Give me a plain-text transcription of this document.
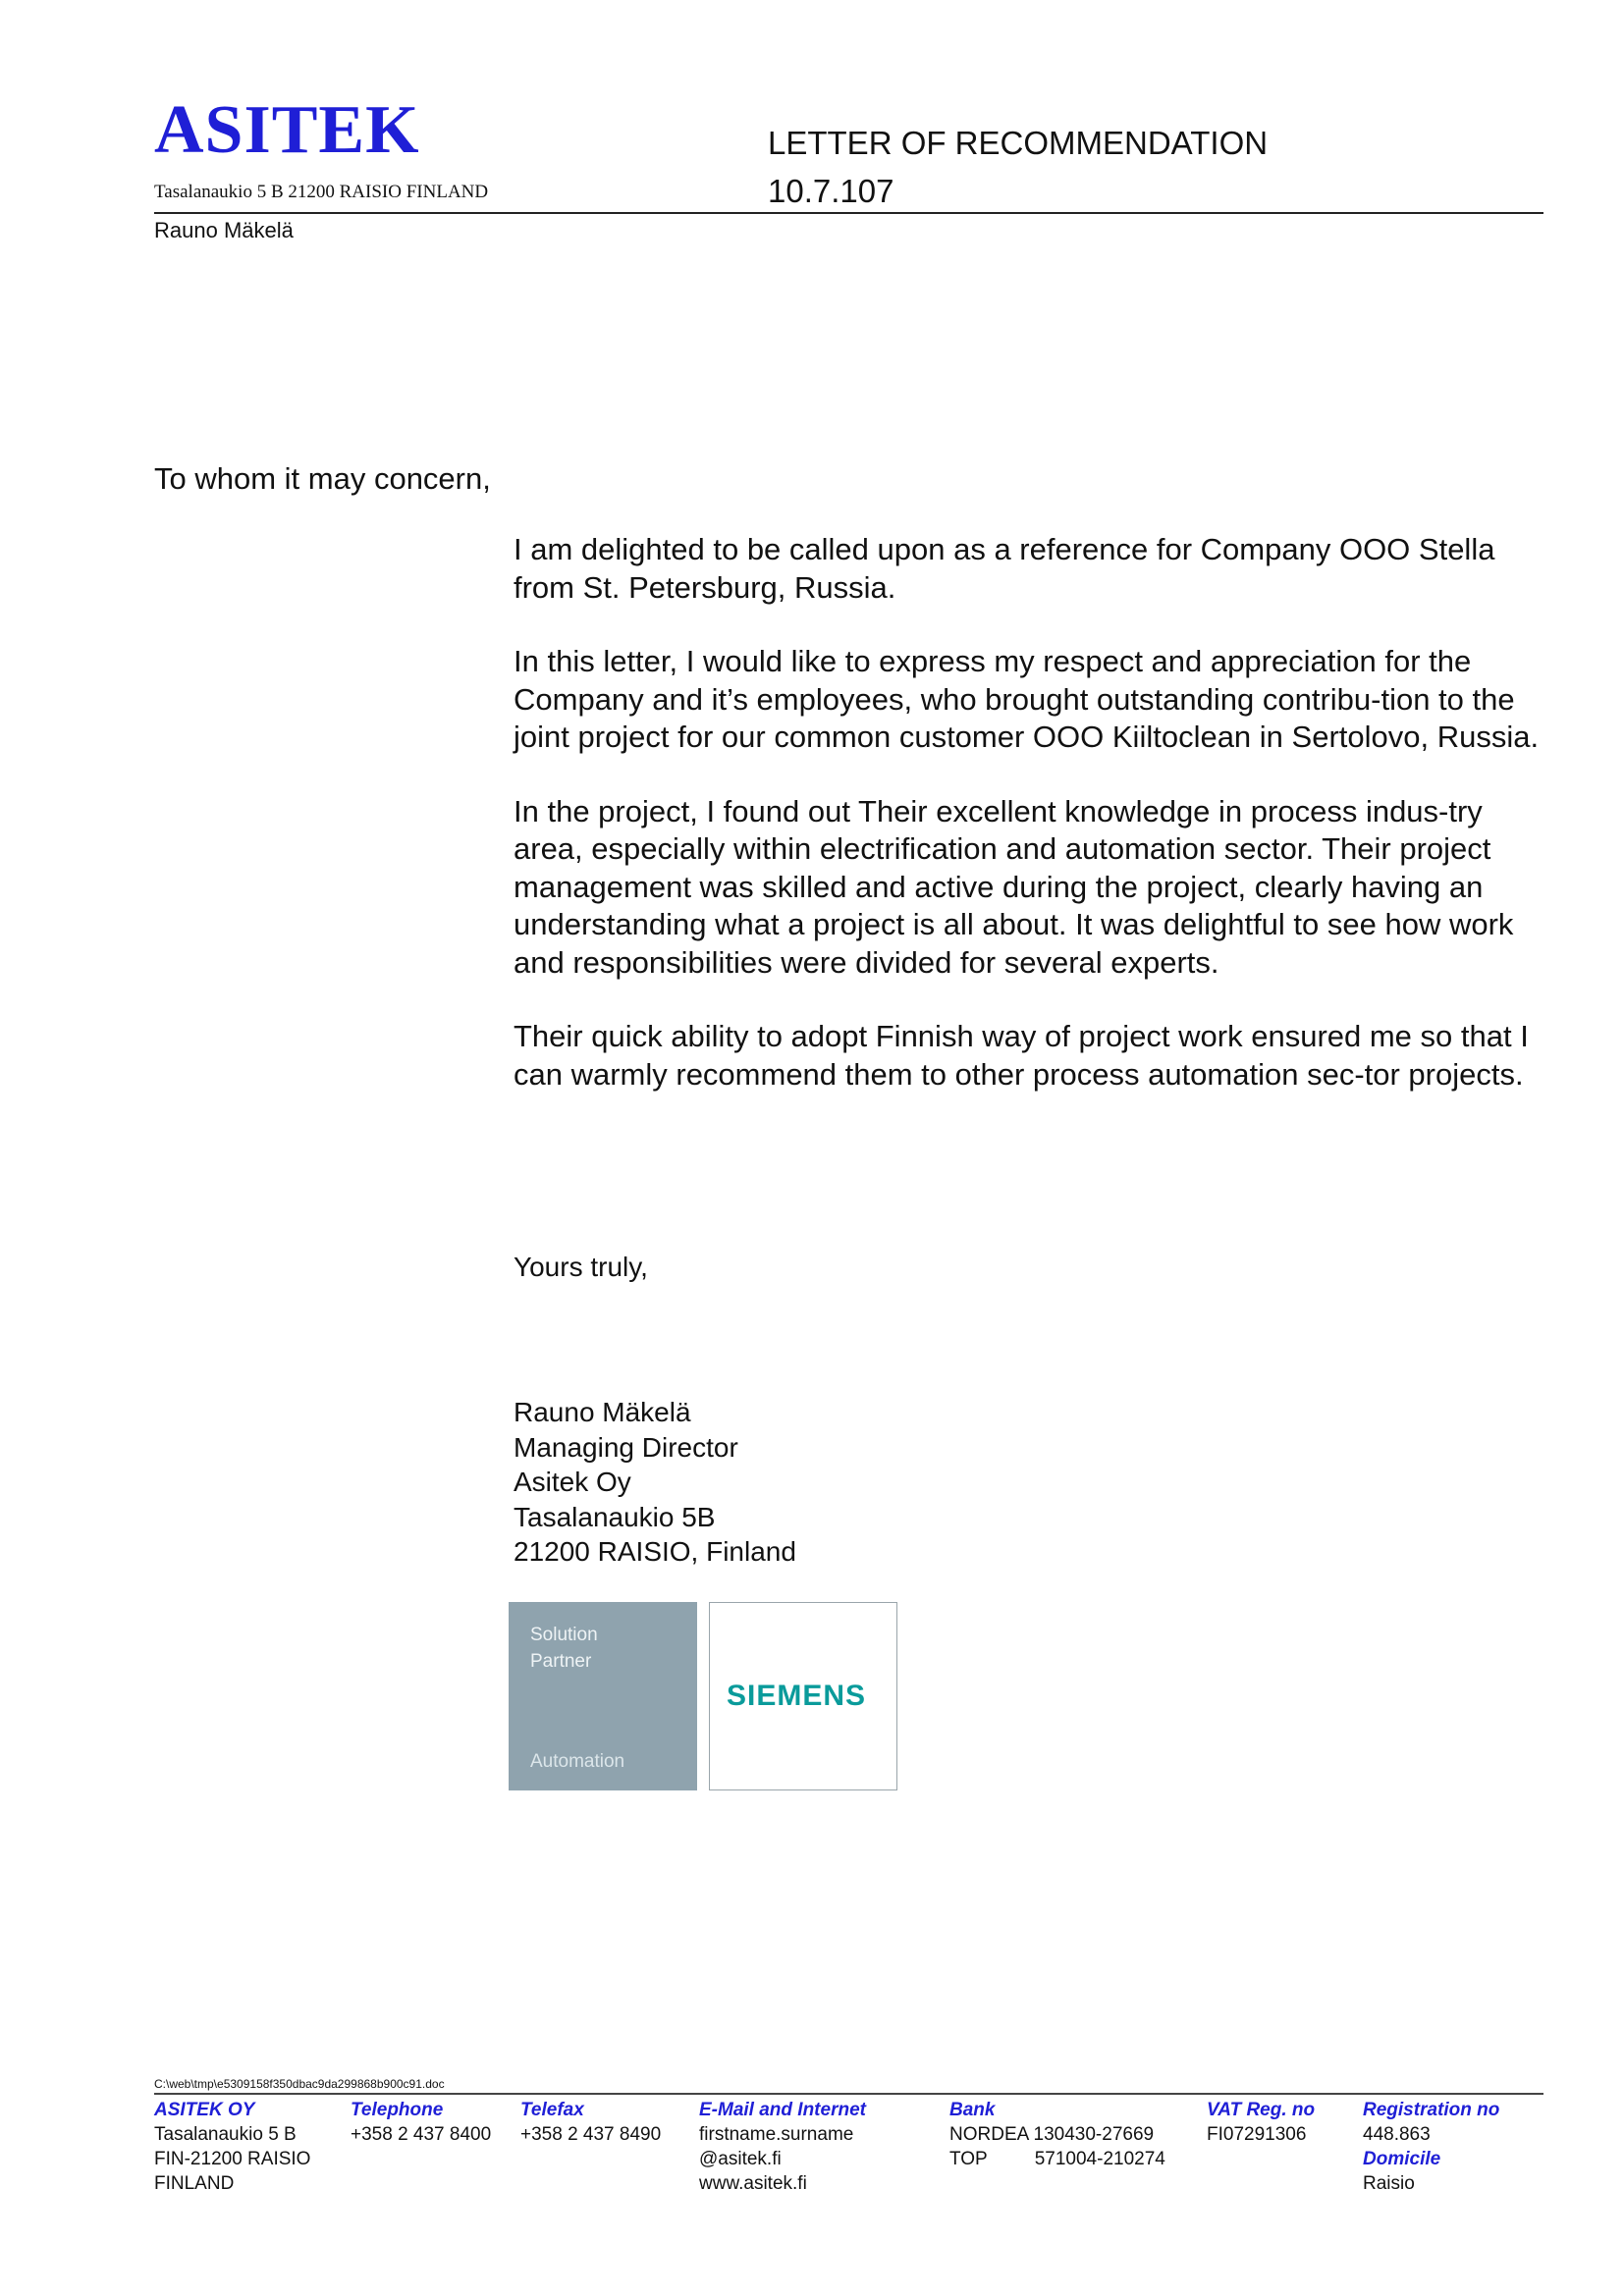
ASITEK
Tasalanaukio 5 B 21200 RAISIO FINLAND
LETTER OF RECOMMENDATION
10.7.107
Rauno Mäkelä
To whom it may concern,

I am delighted to be called upon as a reference for Company OOO Stella from St. Petersburg, Russia.

In this letter, I would like to express my respect and appreciation for the Company and it’s employees, who brought outstanding contribu-tion to the joint project for our common customer OOO Kiiltoclean in Sertolovo, Russia.

In the project, I found out Their excellent knowledge in process indus-try area, especially within electrification and automation sector. Their project management was skilled and active during the project, clearly having an understanding what a project is all about. It was delightful to see how work and responsibilities were divided for several experts.

Their quick ability to adopt Finnish way of project work ensured me so that I can warmly recommend them to other process automation sec-tor projects.

Yours truly,
Rauno Mäkelä
Managing Director
Asitek Oy
Tasalanaukio 5B
21200 RAISIO, Finland
Solution
Partner
Automation
SIEMENS
C:\web\tmp\e5309158f350dbac9da299868b900c91.doc
ASITEK OY
Tasalanaukio 5 B
FIN-21200 RAISIO
FINLAND
Telephone
+358 2 437 8400
Telefax
+358 2 437 8490
E-Mail and Internet
firstname.surname
@asitek.fi
www.asitek.fi
Bank
NORDEA 130430-27669
TOP	571004-210274
VAT Reg. no
FI07291306
Registration no
448.863
Domicile
Raisio
